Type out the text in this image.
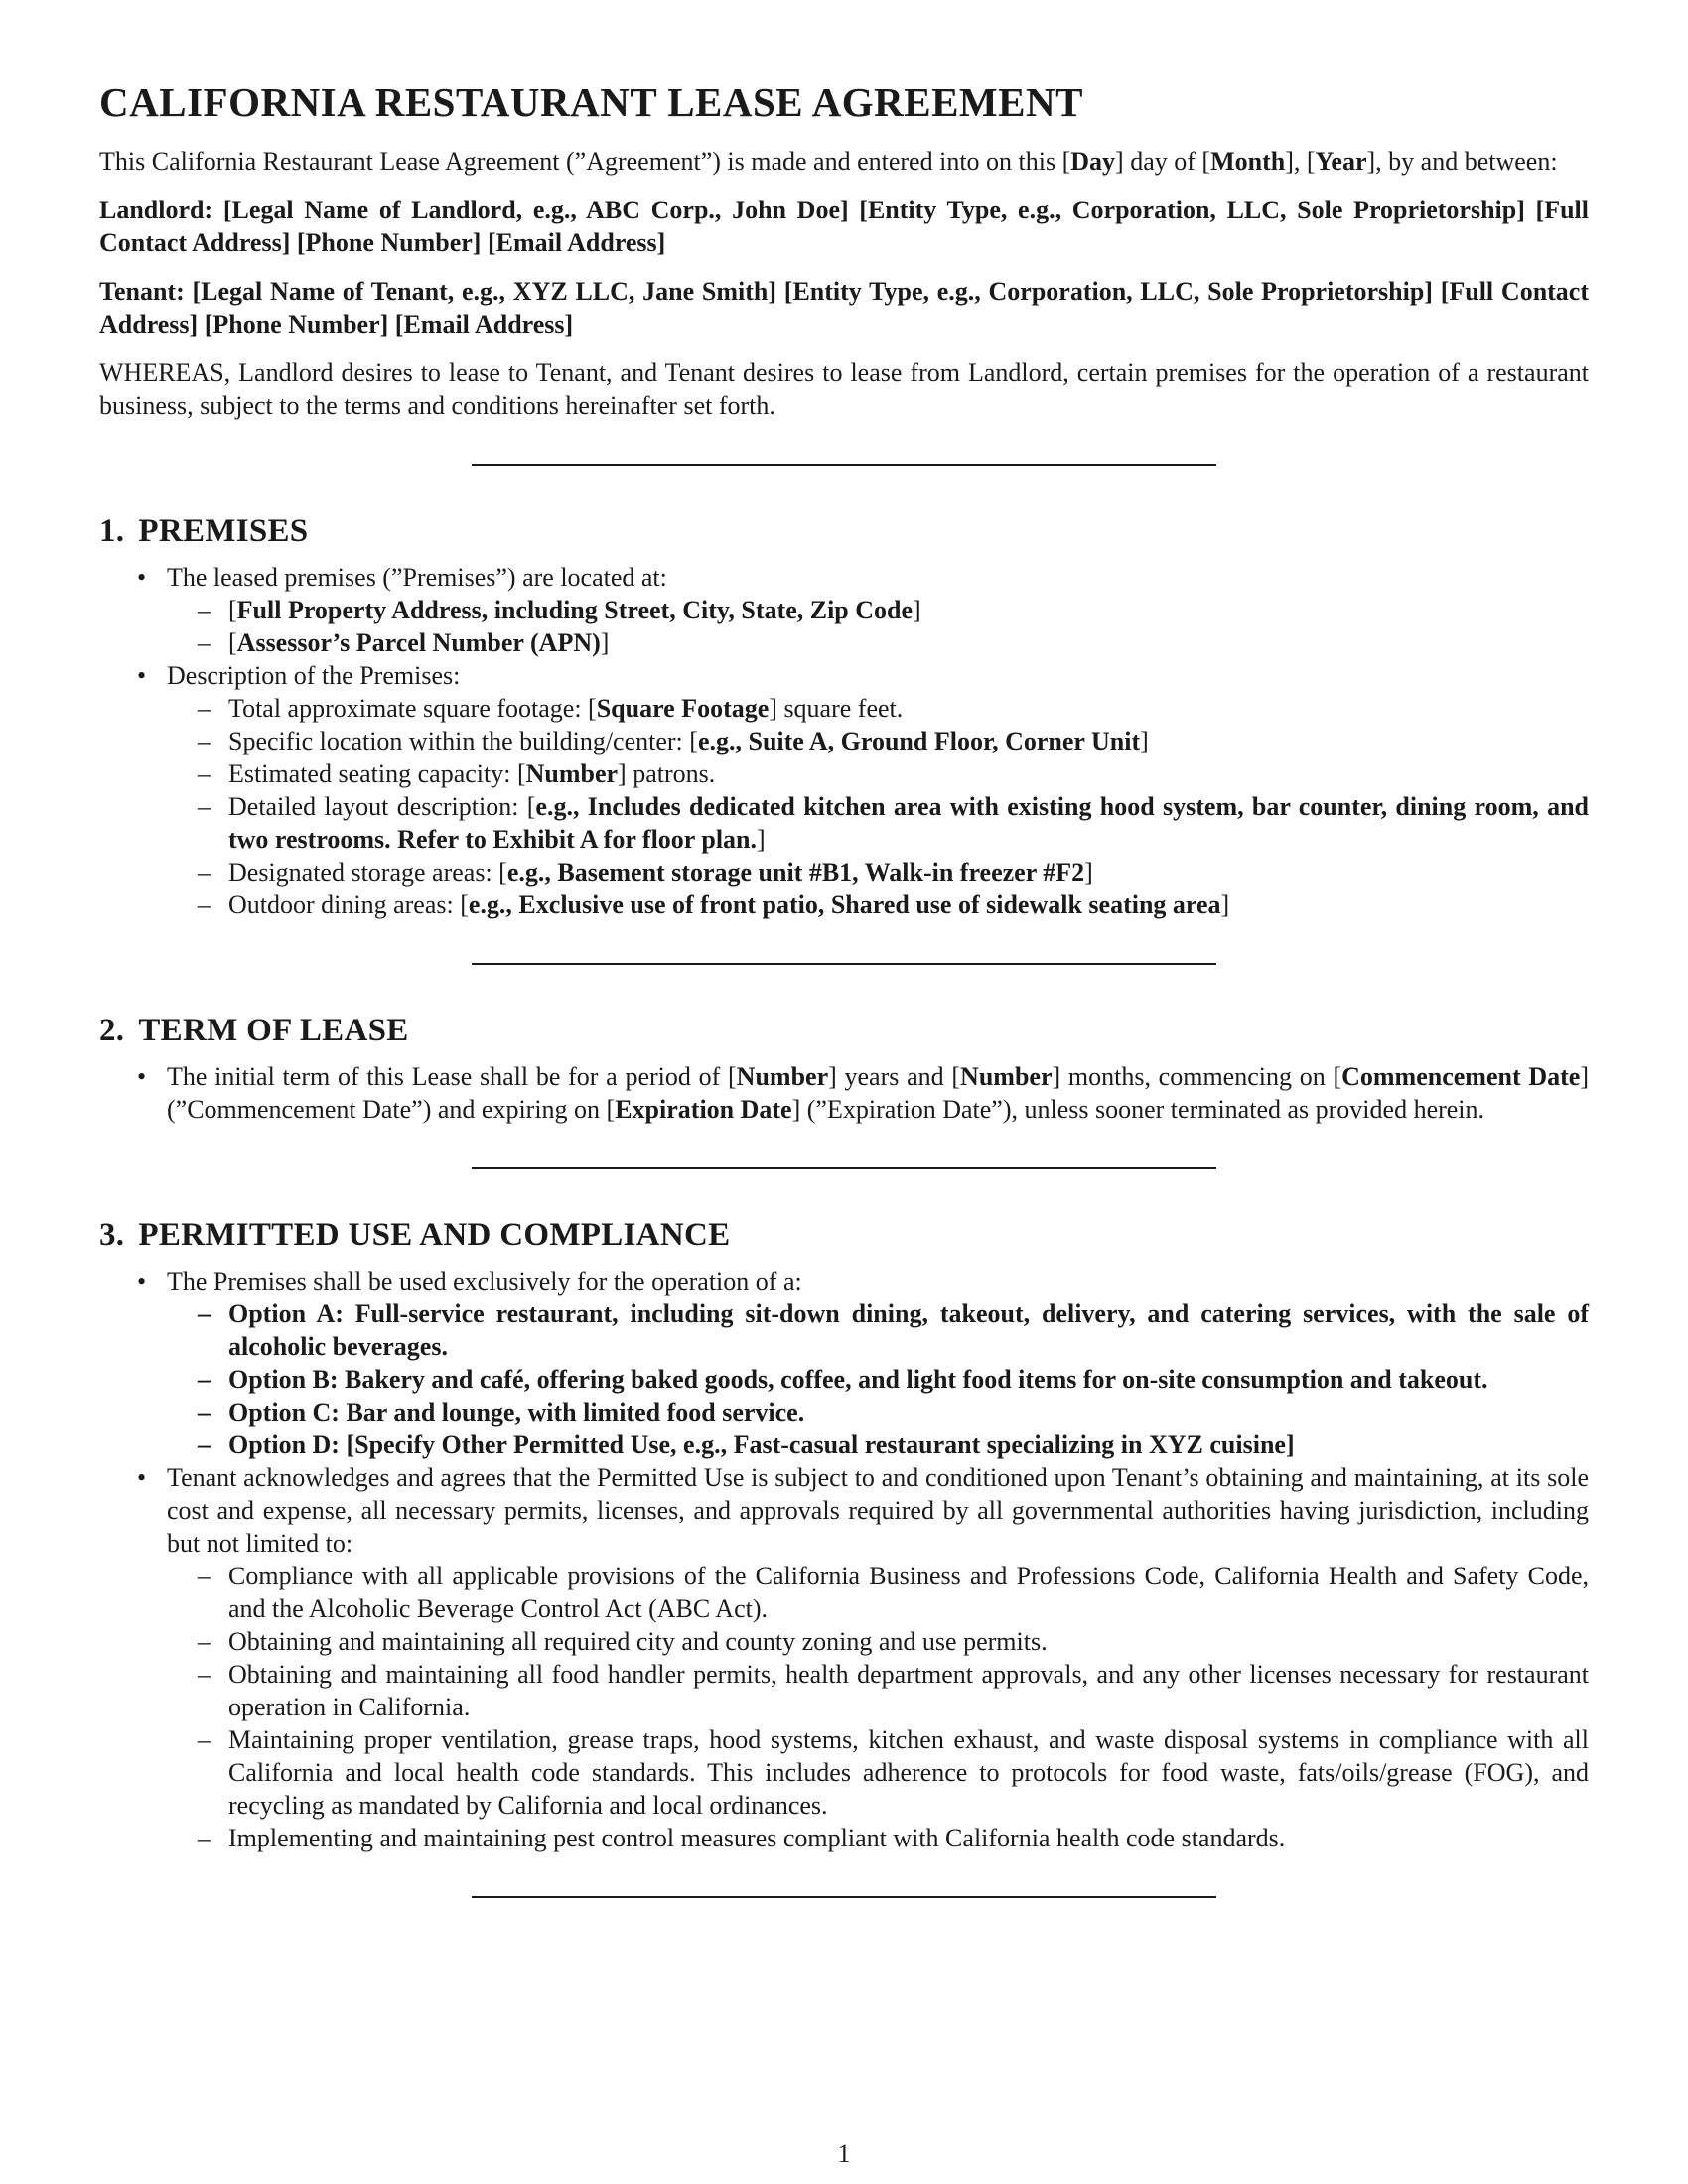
CALIFORNIA RESTAURANT LEASE AGREEMENT

This California Restaurant Lease Agreement (”Agreement”) is made and entered into on this [Day] day of [Month], [Year], by and between:

Landlord: [Legal Name of Landlord, e.g., ABC Corp., John Doe] [Entity Type, e.g., Corporation, LLC, Sole Proprietorship] [Full Contact Address] [Phone Number] [Email Address]

Tenant: [Legal Name of Tenant, e.g., XYZ LLC, Jane Smith] [Entity Type, e.g., Corporation, LLC, Sole Proprietorship] [Full Contact Address] [Phone Number] [Email Address]

WHEREAS, Landlord desires to lease to Tenant, and Tenant desires to lease from Landlord, certain premises for the operation of a restaurant business, subject to the terms and conditions hereinafter set forth.

1. PREMISES
• The leased premises (”Premises”) are located at:
– [Full Property Address, including Street, City, State, Zip Code]
– [Assessor’s Parcel Number (APN)]
• Description of the Premises:
– Total approximate square footage: [Square Footage] square feet.
– Specific location within the building/center: [e.g., Suite A, Ground Floor, Corner Unit]
– Estimated seating capacity: [Number] patrons.
– Detailed layout description: [e.g., Includes dedicated kitchen area with existing hood system, bar counter, dining room, and two restrooms. Refer to Exhibit A for floor plan.]
– Designated storage areas: [e.g., Basement storage unit #B1, Walk-in freezer #F2]
– Outdoor dining areas: [e.g., Exclusive use of front patio, Shared use of sidewalk seating area]
2. TERM OF LEASE
• The initial term of this Lease shall be for a period of [Number] years and [Number] months, commencing on [Commencement Date] (”Commencement Date”) and expiring on [Expiration Date] (”Expiration Date”), unless sooner terminated as provided herein.
3. PERMITTED USE AND COMPLIANCE
• The Premises shall be used exclusively for the operation of a:
– Option A: Full-service restaurant, including sit-down dining, takeout, delivery, and catering services, with the sale of alcoholic beverages.
– Option B: Bakery and café, offering baked goods, coffee, and light food items for on-site consumption and takeout.
– Option C: Bar and lounge, with limited food service.
– Option D: [Specify Other Permitted Use, e.g., Fast-casual restaurant specializing in XYZ cuisine]
• Tenant acknowledges and agrees that the Permitted Use is subject to and conditioned upon Tenant’s obtaining and maintaining, at its sole cost and expense, all necessary permits, licenses, and approvals required by all governmental authorities having jurisdiction, including but not limited to:
– Compliance with all applicable provisions of the California Business and Professions Code, California Health and Safety Code, and the Alcoholic Beverage Control Act (ABC Act).
– Obtaining and maintaining all required city and county zoning and use permits.
– Obtaining and maintaining all food handler permits, health department approvals, and any other licenses necessary for restaurant operation in California.
– Maintaining proper ventilation, grease traps, hood systems, kitchen exhaust, and waste disposal systems in compliance with all California and local health code standards. This includes adherence to protocols for food waste, fats/oils/grease (FOG), and recycling as mandated by California and local ordinances.
– Implementing and maintaining pest control measures compliant with California health code standards.
1
